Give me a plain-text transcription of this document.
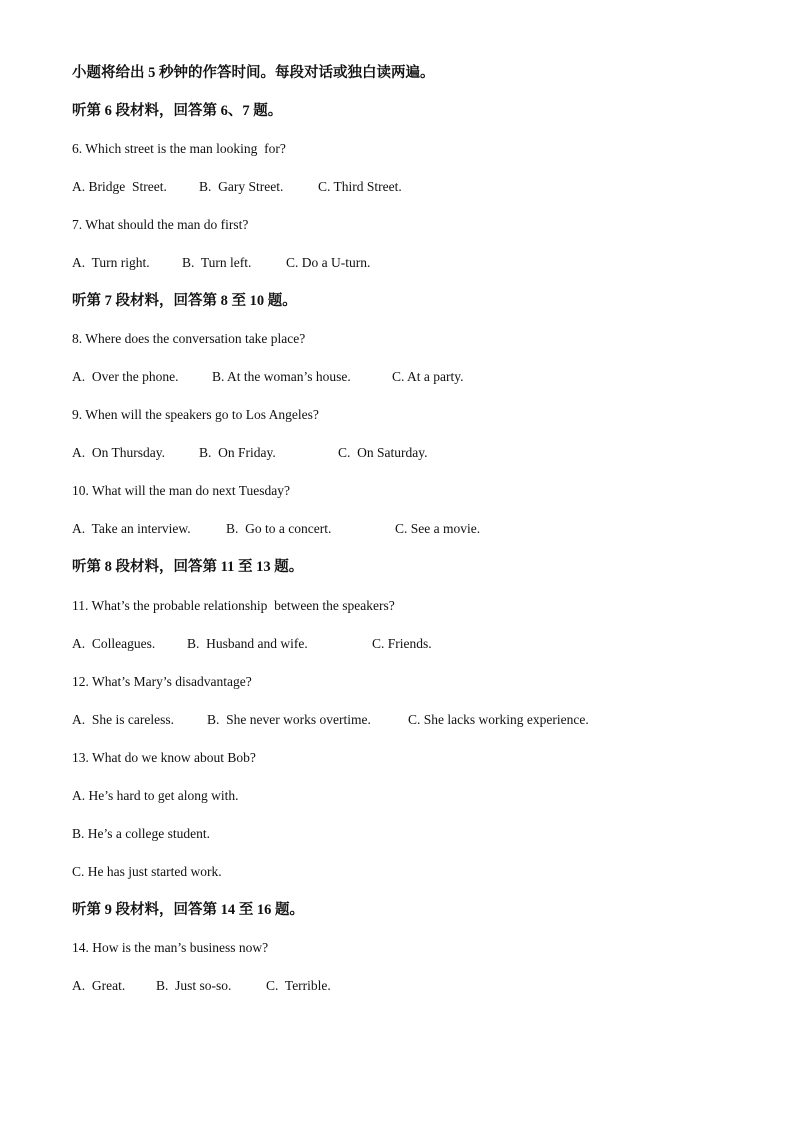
小题将给出 5 秒钟的作答时间。每段对话或独白读两遍。
听第 6 段材料，回答第 6、7 题。
6. Which street is the man looking  for?
A. Bridge  Street. B.  Gary Street.	C. Third Street.
7. What should the man do first?
A.  Turn right. B.  Turn left.	C. Do a U-turn.
听第 7 段材料，回答第 8 至 10 题。
8. Where does the conversation take place?
A.  Over the phone. B. At the woman’s house.	C. At a party.
9. When will the speakers go to Los Angeles?
A.  On Thursday.	B.  On Friday.	C.  On Saturday.
10. What will the man do next Tuesday?
A.  Take an interview.	B.  Go to a concert.	C. See a movie.
听第 8 段材料，回答第 11 至 13 题。
11. What’s the probable relationship  between the speakers?
A.  Colleagues. B.  Husband and wife.	C. Friends.
12. What’s Mary’s disadvantage?
A.  She is careless. B.  She never works overtime.	C. She lacks working experience.
13. What do we know about Bob?
A. He’s hard to get along with.
B. He’s a college student.
C. He has just started work.
听第 9 段材料，回答第 14 至 16 题。
14. How is the man’s business now?
A.  Great. B.  Just so-so.	C.  Terrible.
